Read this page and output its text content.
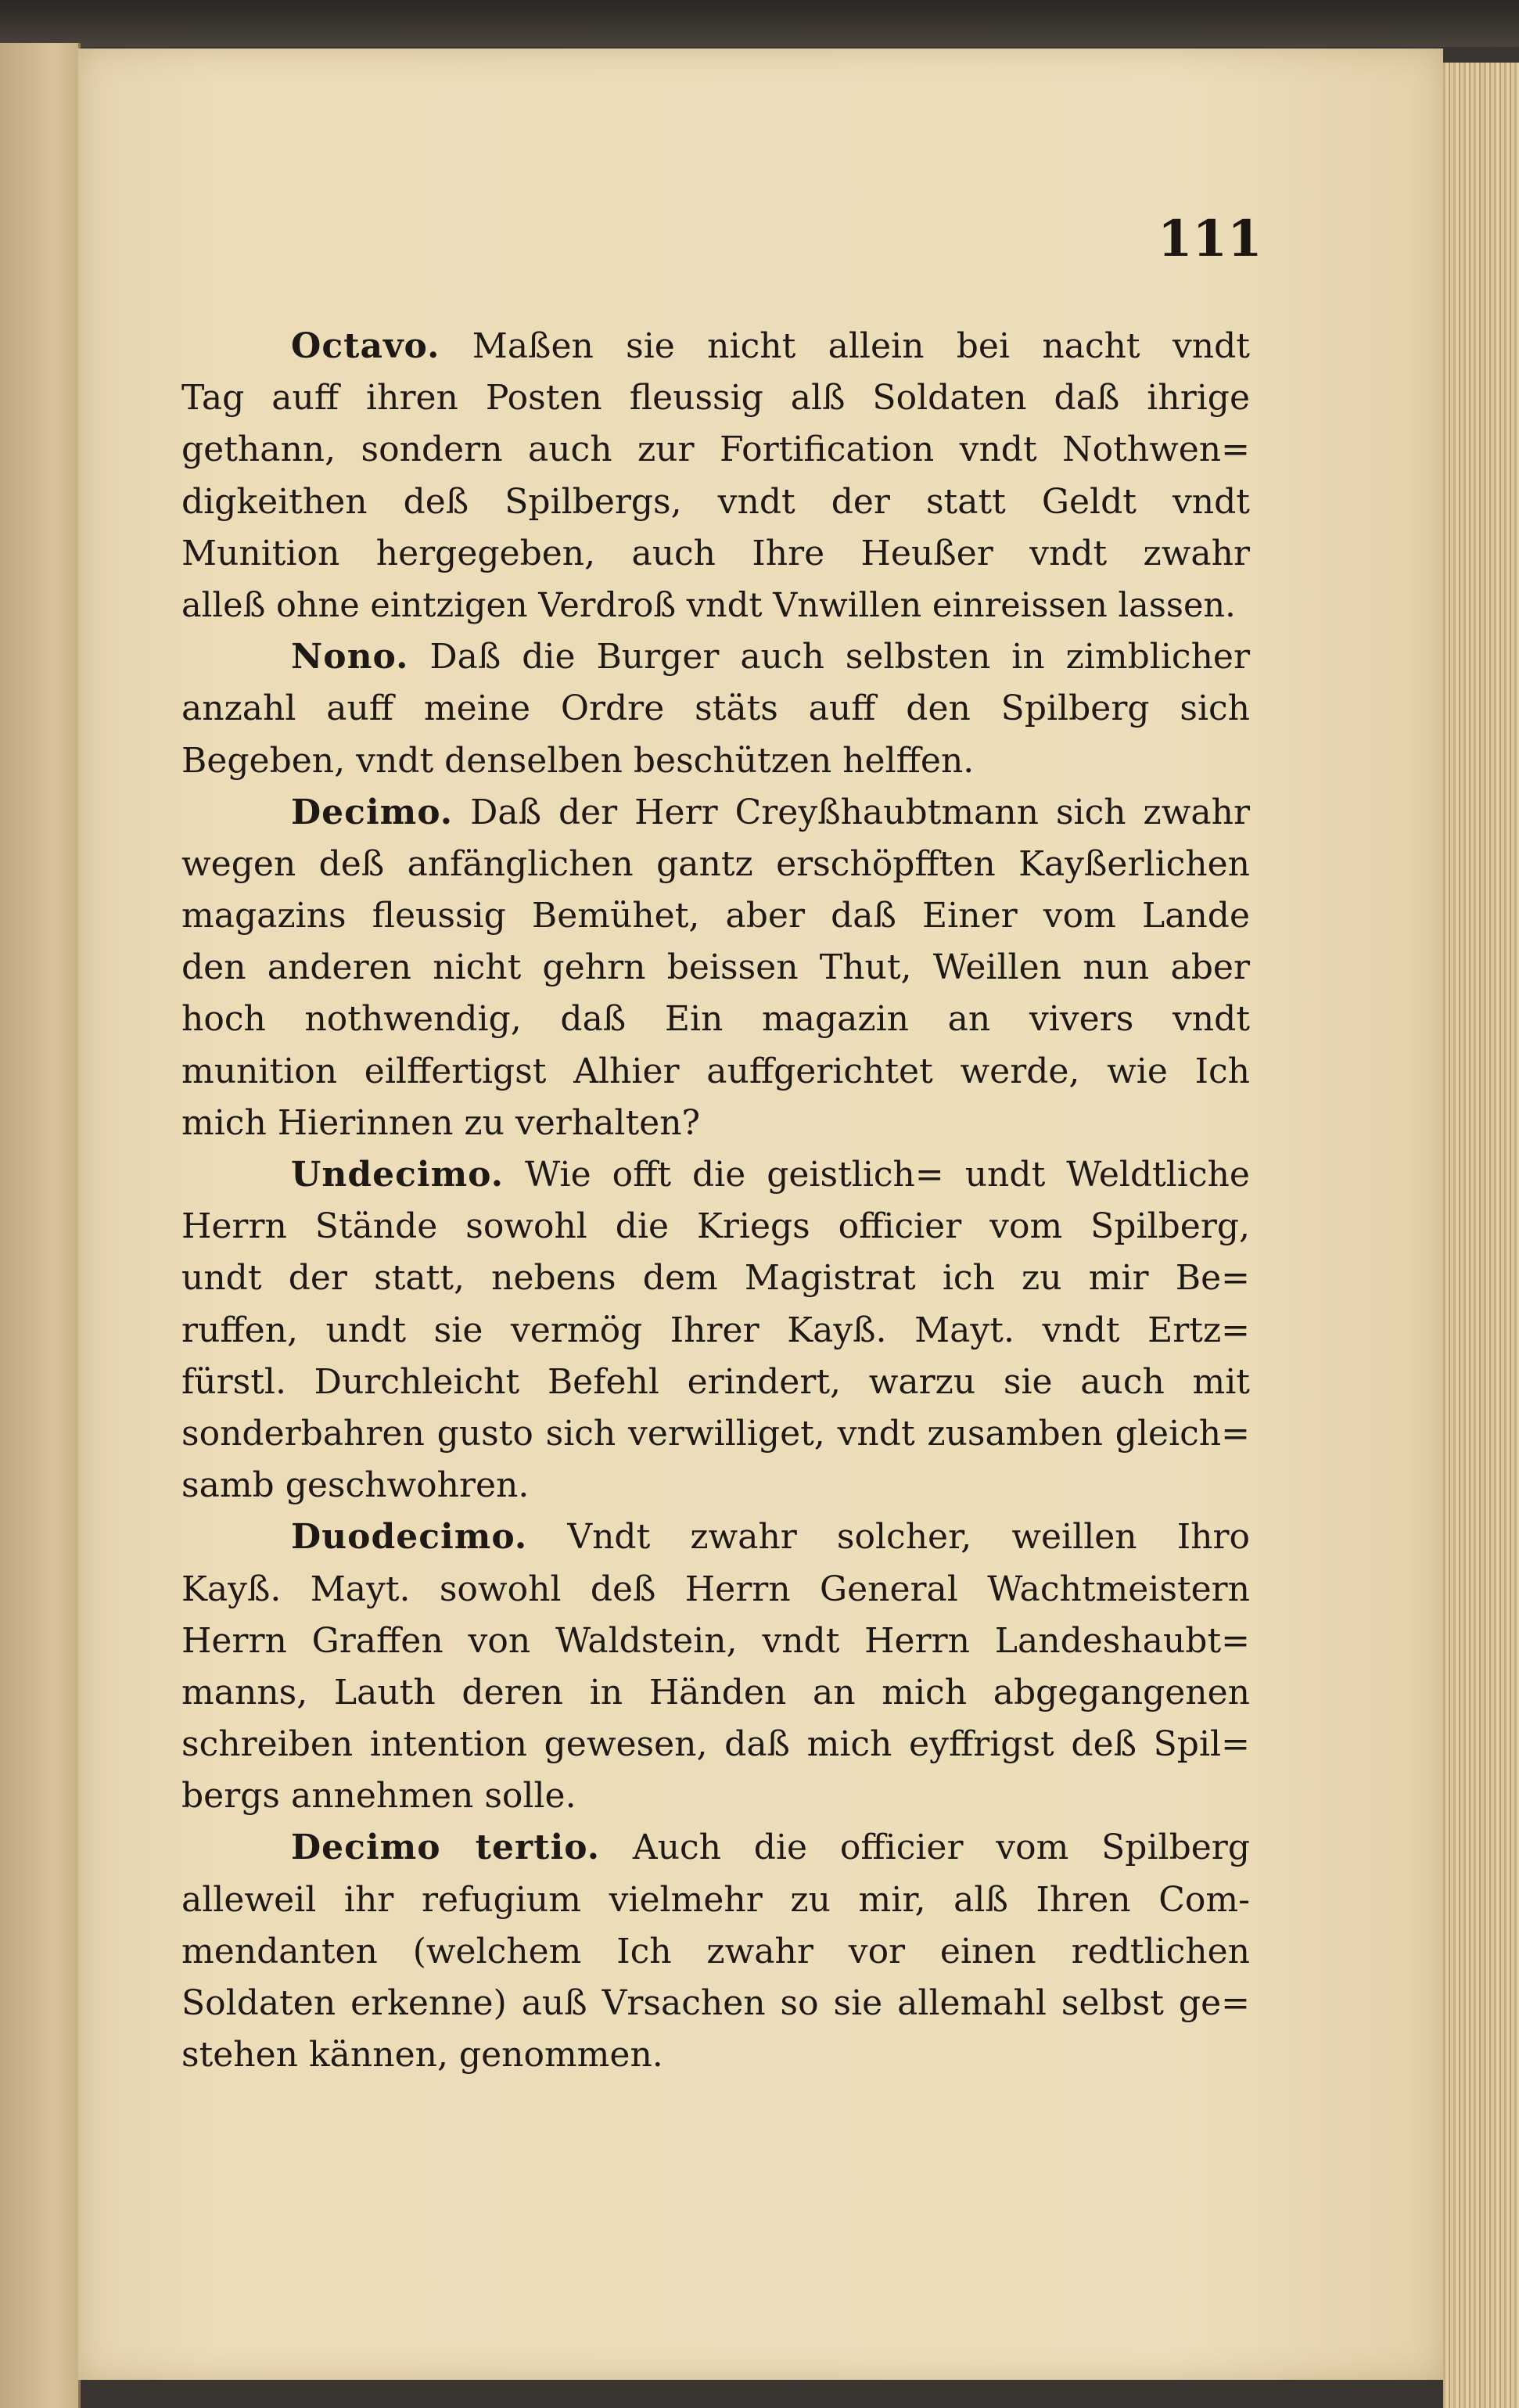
111
Octavo. Maßen sie nicht allein bei nacht vndt
Tag auff ihren Posten fleussig alß Soldaten daß ihrige
gethann, sondern auch zur Fortification vndt Nothwen=
digkeithen deß Spilbergs, vndt der statt Geldt vndt
Munition hergegeben, auch Ihre Heußer vndt zwahr
alleß ohne eintzigen Verdroß vndt Vnwillen einreissen lassen.
Nono. Daß die Burger auch selbsten in zimblicher
anzahl auff meine Ordre stäts auff den Spilberg sich
Begeben, vndt denselben beschützen helffen.
Decimo. Daß der Herr Creyßhaubtmann sich zwahr
wegen deß anfänglichen gantz erschöpfften Kayßerlichen
magazins fleussig Bemühet, aber daß Einer vom Lande
den anderen nicht gehrn beissen Thut, Weillen nun aber
hoch nothwendig, daß Ein magazin an vivers vndt
munition eilffertigst Alhier auffgerichtet werde, wie Ich
mich Hierinnen zu verhalten?
Undecimo. Wie offt die geistlich= undt Weldtliche
Herrn Stände sowohl die Kriegs officier vom Spilberg,
undt der statt, nebens dem Magistrat ich zu mir Be=
ruffen, undt sie vermög Ihrer Kayß. Mayt. vndt Ertz=
fürstl. Durchleicht Befehl erindert, warzu sie auch mit
sonderbahren gusto sich verwilliget, vndt zusamben gleich=
samb geschwohren.
Duodecimo. Vndt zwahr solcher, weillen Ihro
Kayß. Mayt. sowohl deß Herrn General Wachtmeistern
Herrn Graffen von Waldstein, vndt Herrn Landeshaubt=
manns, Lauth deren in Händen an mich abgegangenen
schreiben intention gewesen, daß mich eyffrigst deß Spil=
bergs annehmen solle.
Decimo tertio. Auch die officier vom Spilberg
alleweil ihr refugium vielmehr zu mir, alß Ihren Com-
mendanten (welchem Ich zwahr vor einen redtlichen
Soldaten erkenne) auß Vrsachen so sie allemahl selbst ge=
stehen kännen, genommen.
